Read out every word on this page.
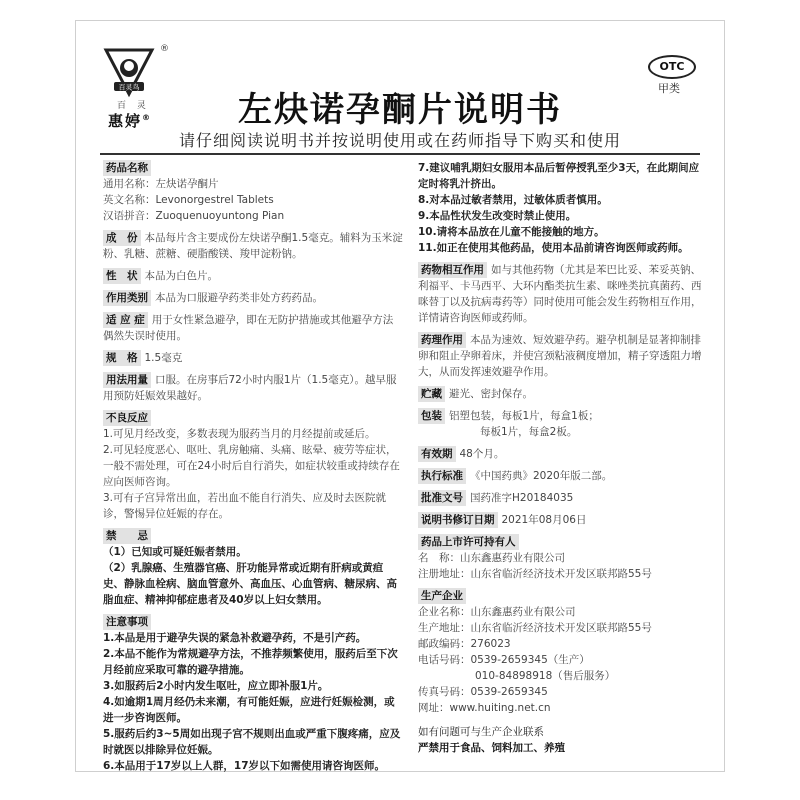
百灵鸟
®
百 灵
惠婷®
OTC
甲类
左炔诺孕酮片说明书
请仔细阅读说明书并按说明使用或在药师指导下购买和使用
药品名称
通用名称：左炔诺孕酮片
英文名称：Levonorgestrel Tablets
汉语拼音：Zuoquenuoyuntong Pian
成　份 本品每片含主要成份左炔诺孕酮1.5毫克。辅料为玉米淀粉、乳糖、蔗糖、硬脂酸镁、羧甲淀粉钠。
性　状 本品为白色片。
作用类别 本品为口服避孕药类非处方药药品。
适 应 症 用于女性紧急避孕，即在无防护措施或其他避孕方法偶然失误时使用。
规　格 1.5毫克
用法用量 口服。在房事后72小时内服1片（1.5毫克）。越早服用预防妊娠效果越好。
不良反应
1.可见月经改变，多数表现为服药当月的月经提前或延后。
2.可见轻度恶心、呕吐、乳房触痛、头痛、眩晕、疲劳等症状，一般不需处理，可在24小时后自行消失，如症状较重或持续存在应向医师咨询。
3.可有子宫异常出血，若出血不能自行消失、应及时去医院就诊，警惕异位妊娠的存在。
禁　　忌
（1）已知或可疑妊娠者禁用。
（2）乳腺癌、生殖器官癌、肝功能异常或近期有肝病或黄疸史、静脉血栓病、脑血管意外、高血压、心血管病、糖尿病、高脂血症、精神抑郁症患者及40岁以上妇女禁用。
注意事项
1.本品是用于避孕失误的紧急补救避孕药，不是引产药。
2.本品不能作为常规避孕方法，不推荐频繁使用，服药后至下次月经前应采取可靠的避孕措施。
3.如服药后2小时内发生呕吐，应立即补服1片。
4.如逾期1周月经仍未来潮，有可能妊娠，应进行妊娠检测，或进一步咨询医师。
5.服药后约3~5周如出现子宫不规则出血或严重下腹疼痛，应及时就医以排除异位妊娠。
6.本品用于17岁以上人群，17岁以下如需使用请咨询医师。
7.建议哺乳期妇女服用本品后暂停授乳至少3天，在此期间应定时将乳汁挤出。
8.对本品过敏者禁用，过敏体质者慎用。
9.本品性状发生改变时禁止使用。
10.请将本品放在儿童不能接触的地方。
11.如正在使用其他药品，使用本品前请咨询医师或药师。
药物相互作用 如与其他药物（尤其是苯巴比妥、苯妥英钠、利福平、卡马西平、大环内酯类抗生素、咪唑类抗真菌药、西咪替丁以及抗病毒药等）同时使用可能会发生药物相互作用，详情请咨询医师或药师。
药理作用 本品为速效、短效避孕药。避孕机制是显著抑制排卵和阻止孕卵着床，并使宫颈粘液稠度增加，精子穿透阻力增大，从而发挥速效避孕作用。
贮藏 避光、密封保存。
包装 铝塑包装，每板1片，每盒1板；
每板1片，每盒2板。
有效期 48个月。
执行标准 《中国药典》2020年版二部。
批准文号 国药准字H20184035
说明书修订日期 2021年08月06日
药品上市许可持有人
名　称：山东鑫惠药业有限公司
注册地址：山东省临沂经济技术开发区联邦路55号
生产企业
企业名称：山东鑫惠药业有限公司
生产地址：山东省临沂经济技术开发区联邦路55号
邮政编码：276023
电话号码：0539-2659345（生产）
010-84898918（售后服务）
传真号码：0539-2659345
网址：www.huiting.net.cn
如有问题可与生产企业联系
严禁用于食品、饲料加工、养殖
